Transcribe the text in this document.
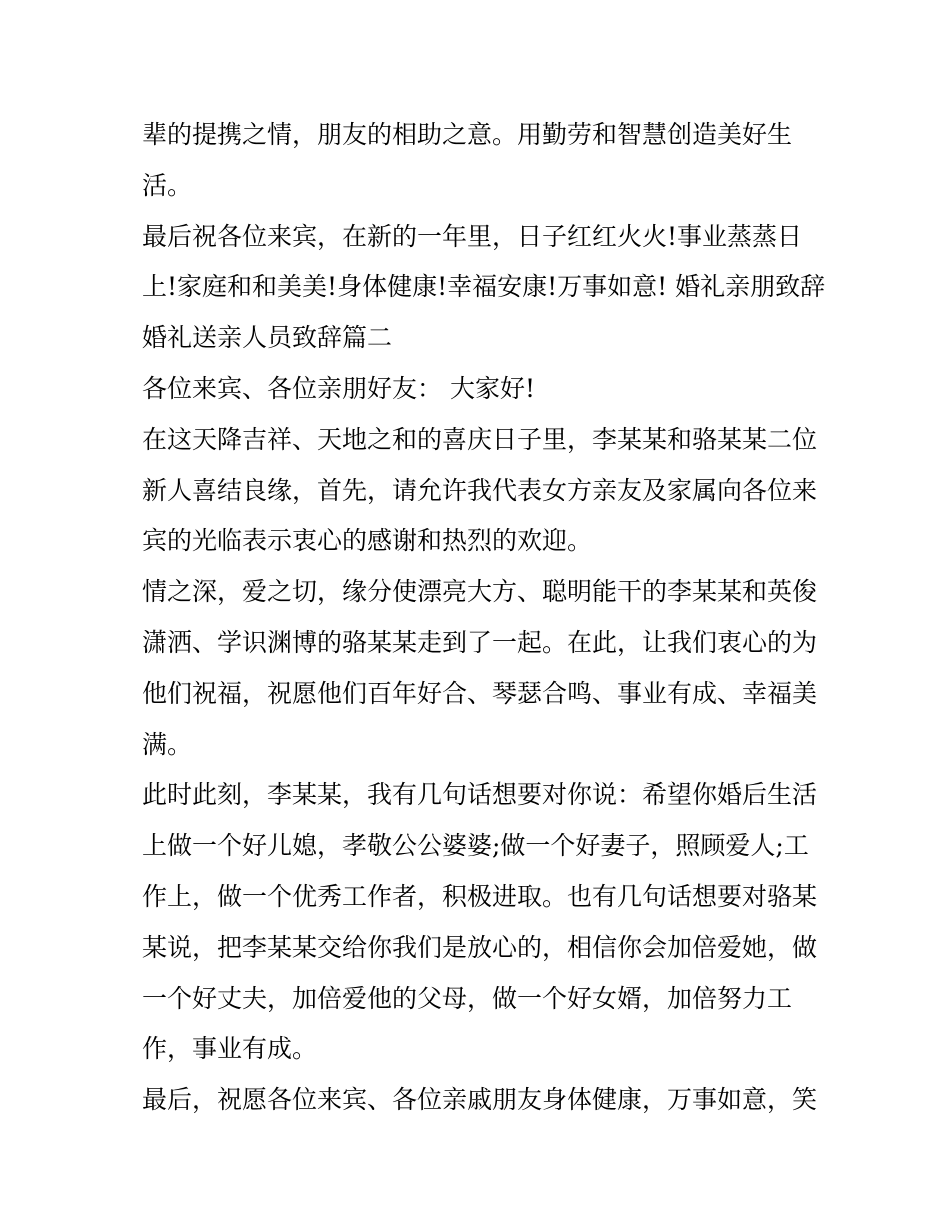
辈的提携之情，朋友的相助之意。用勤劳和智慧创造美好生
活。
最后祝各位来宾，在新的一年里，日子红红火火!事业蒸蒸日
上!家庭和和美美!身体健康!幸福安康!万事如意! 婚礼亲朋致辞
婚礼送亲人员致辞篇二
各位来宾、各位亲朋好友： 大家好!
在这天降吉祥、天地之和的喜庆日子里，李某某和骆某某二位
新人喜结良缘，首先，请允许我代表女方亲友及家属向各位来
宾的光临表示衷心的感谢和热烈的欢迎。
情之深，爱之切，缘分使漂亮大方、聪明能干的李某某和英俊
潇洒、学识渊博的骆某某走到了一起。在此，让我们衷心的为
他们祝福，祝愿他们百年好合、琴瑟合鸣、事业有成、幸福美
满。
此时此刻，李某某，我有几句话想要对你说：希望你婚后生活
上做一个好儿媳，孝敬公公婆婆;做一个好妻子，照顾爱人;工
作上，做一个优秀工作者，积极进取。也有几句话想要对骆某
某说，把李某某交给你我们是放心的，相信你会加倍爱她，做
一个好丈夫，加倍爱他的父母，做一个好女婿，加倍努力工
作，事业有成。
最后，祝愿各位来宾、各位亲戚朋友身体健康，万事如意，笑
